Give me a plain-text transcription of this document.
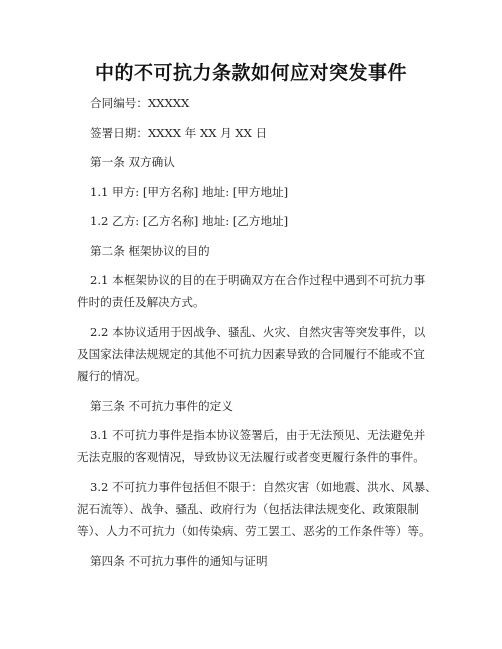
中的不可抗力条款如何应对突发事件
合同编号：XXXXX
签署日期：XXXX 年 XX 月 XX 日
第一条 双方确认
1.1 甲方: [甲方名称] 地址: [甲方地址]
1.2 乙方: [乙方名称] 地址: [乙方地址]
第二条 框架协议的目的
2.1 本框架协议的目的在于明确双方在合作过程中遇到不可抗力事
件时的责任及解决方式。
2.2 本协议适用于因战争、骚乱、火灾、自然灾害等突发事件，以
及国家法律法规规定的其他不可抗力因素导致的合同履行不能或不宜
履行的情况。
第三条 不可抗力事件的定义
3.1 不可抗力事件是指本协议签署后，由于无法预见、无法避免并
无法克服的客观情况，导致协议无法履行或者变更履行条件的事件。
3.2 不可抗力事件包括但不限于：自然灾害（如地震、洪水、风暴、
泥石流等）、战争、骚乱、政府行为（包括法律法规变化、政策限制
等）、人力不可抗力（如传染病、劳工罢工、恶劣的工作条件等）等。
第四条 不可抗力事件的通知与证明
